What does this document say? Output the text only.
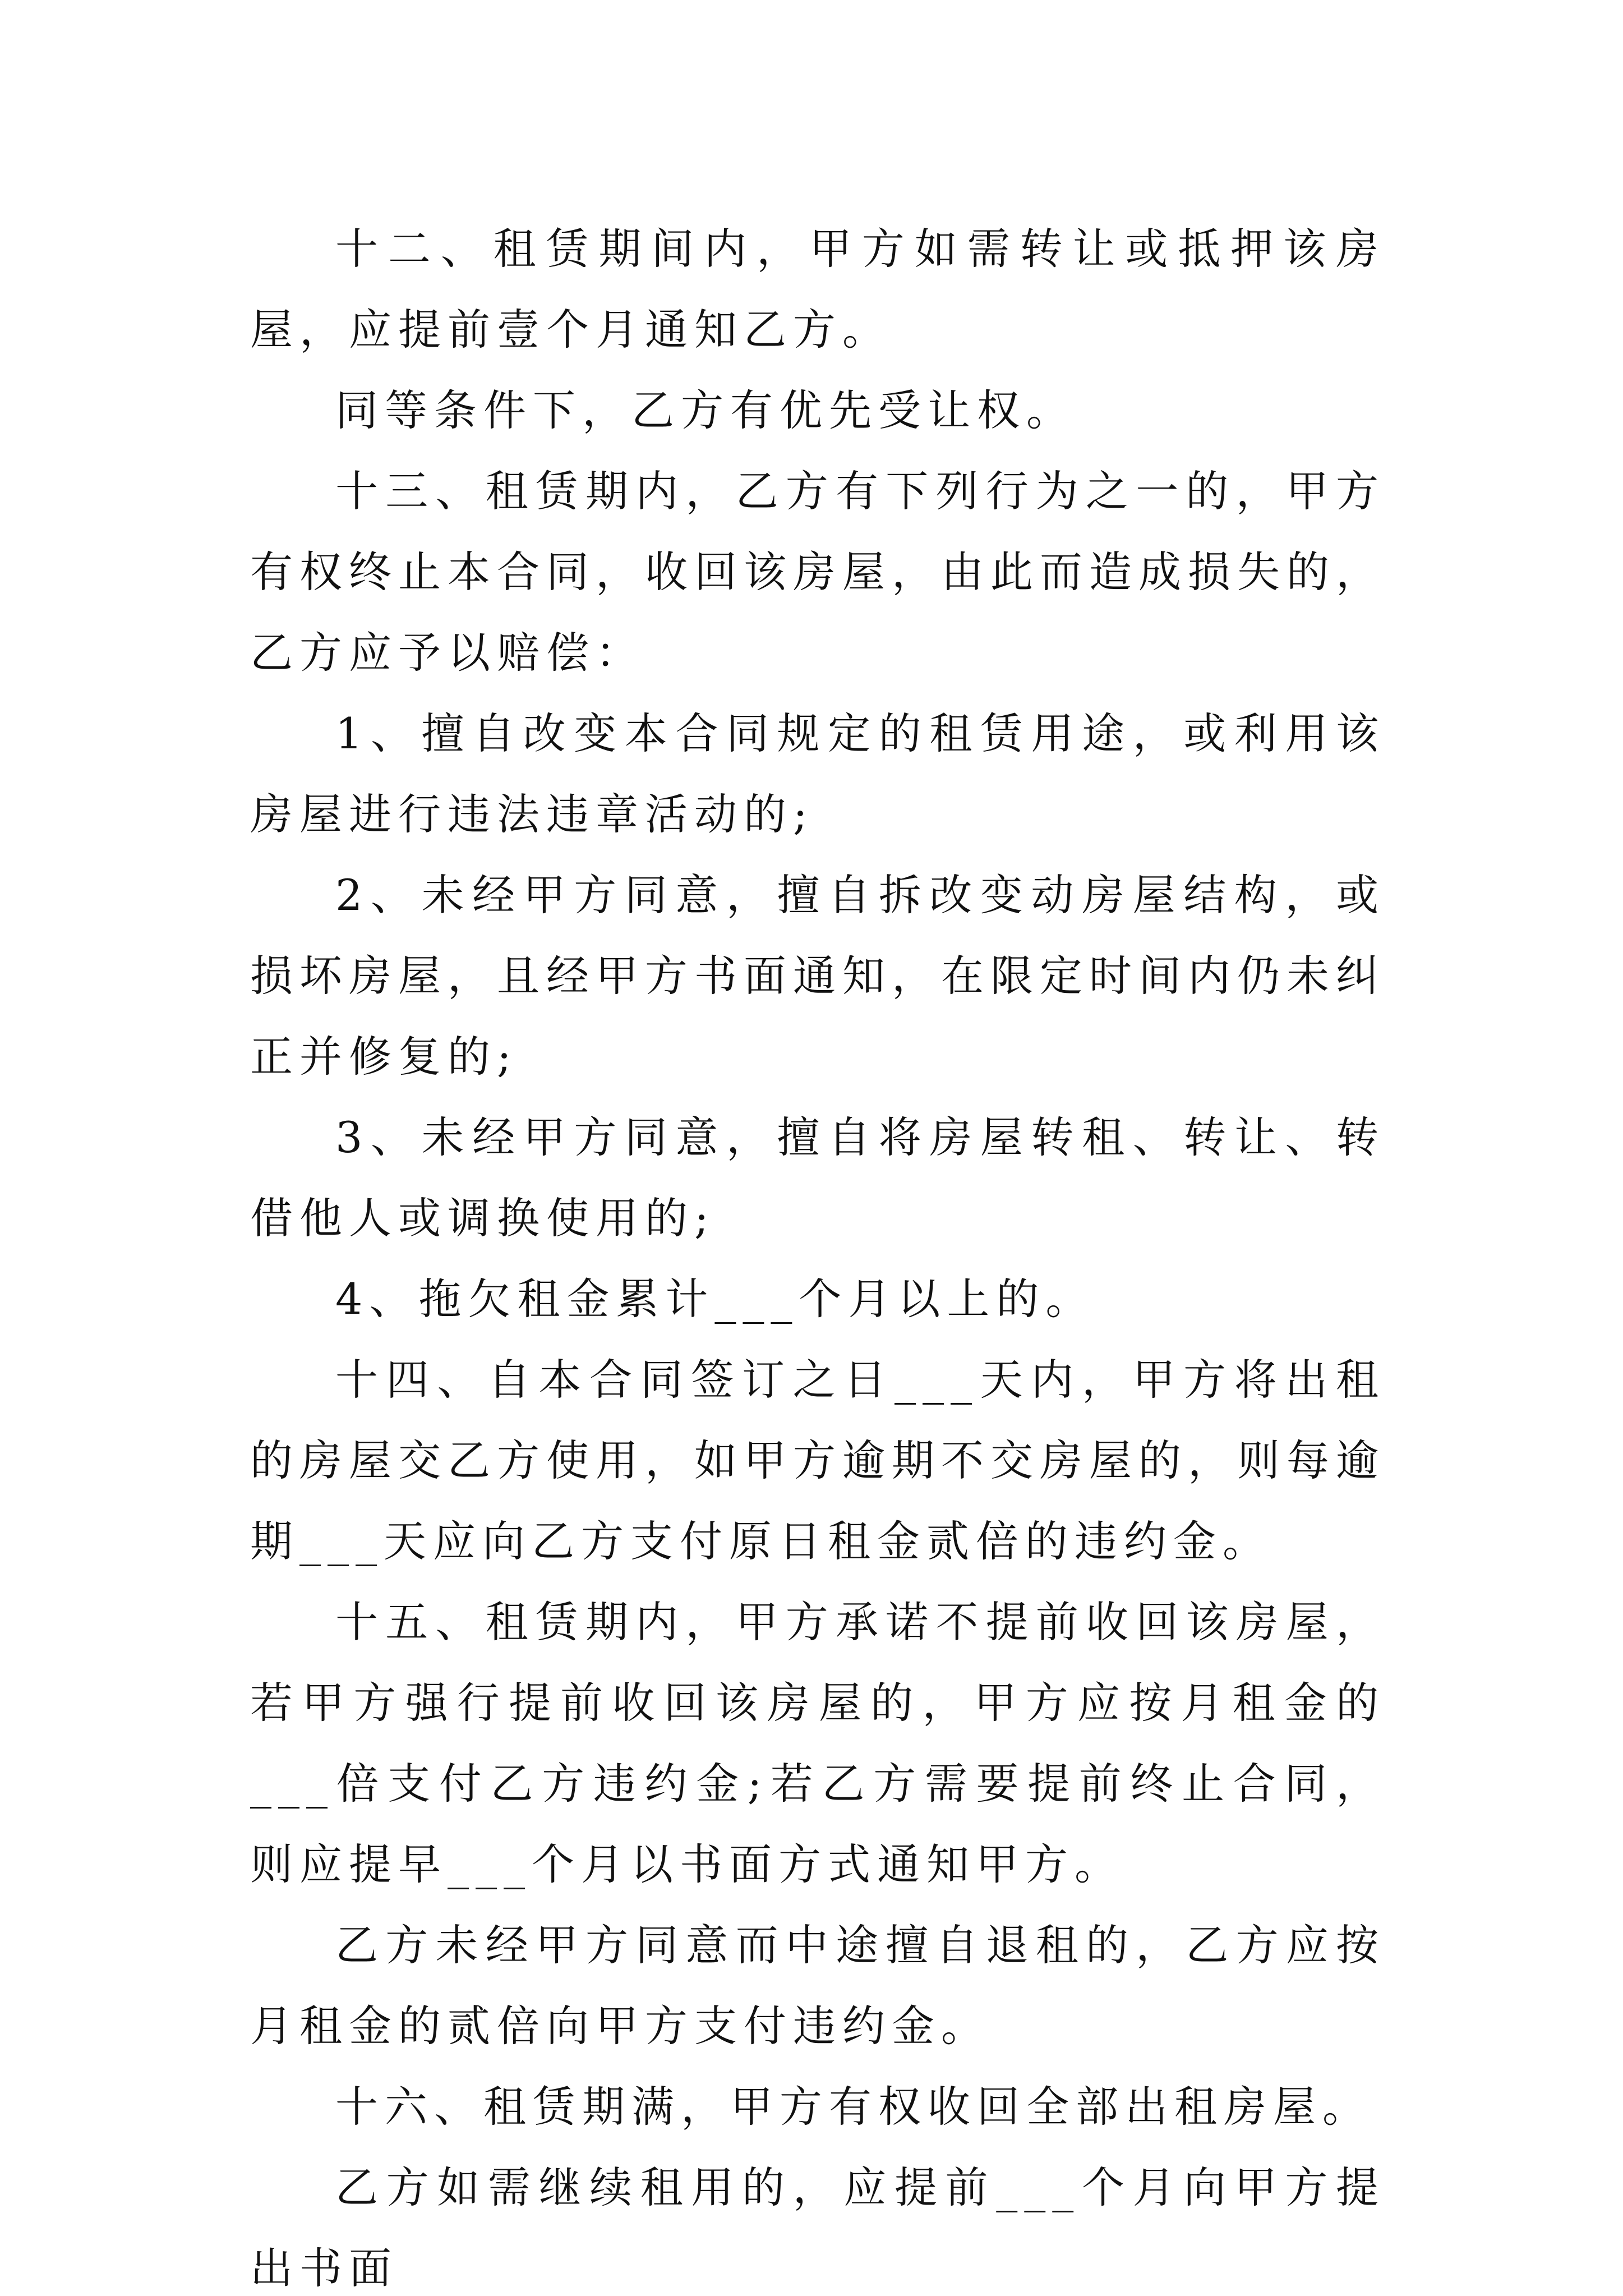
十二、租赁期间内，甲方如需转让或抵押该房屋，应提前壹个月通知乙方。

同等条件下，乙方有优先受让权。

十三、租赁期内，乙方有下列行为之一的，甲方有权终止本合同，收回该房屋，由此而造成损失的，乙方应予以赔偿：

1、擅自改变本合同规定的租赁用途，或利用该房屋进行违法违章活动的;

2、未经甲方同意，擅自拆改变动房屋结构，或损坏房屋，且经甲方书面通知，在限定时间内仍未纠正并修复的;

3、未经甲方同意，擅自将房屋转租、转让、转借他人或调换使用的;

4、拖欠租金累计___个月以上的。

十四、自本合同签订之日___天内，甲方将出租的房屋交乙方使用，如甲方逾期不交房屋的，则每逾期___天应向乙方支付原日租金贰倍的违约金。

十五、租赁期内，甲方承诺不提前收回该房屋，若甲方强行提前收回该房屋的，甲方应按月租金的___倍支付乙方违约金;若乙方需要提前终止合同，则应提早___个月以书面方式通知甲方。

乙方未经甲方同意而中途擅自退租的，乙方应按月租金的贰倍向甲方支付违约金。

十六、租赁期满，甲方有权收回全部出租房屋。

乙方如需继续租用的，应提前___个月向甲方提出书面
